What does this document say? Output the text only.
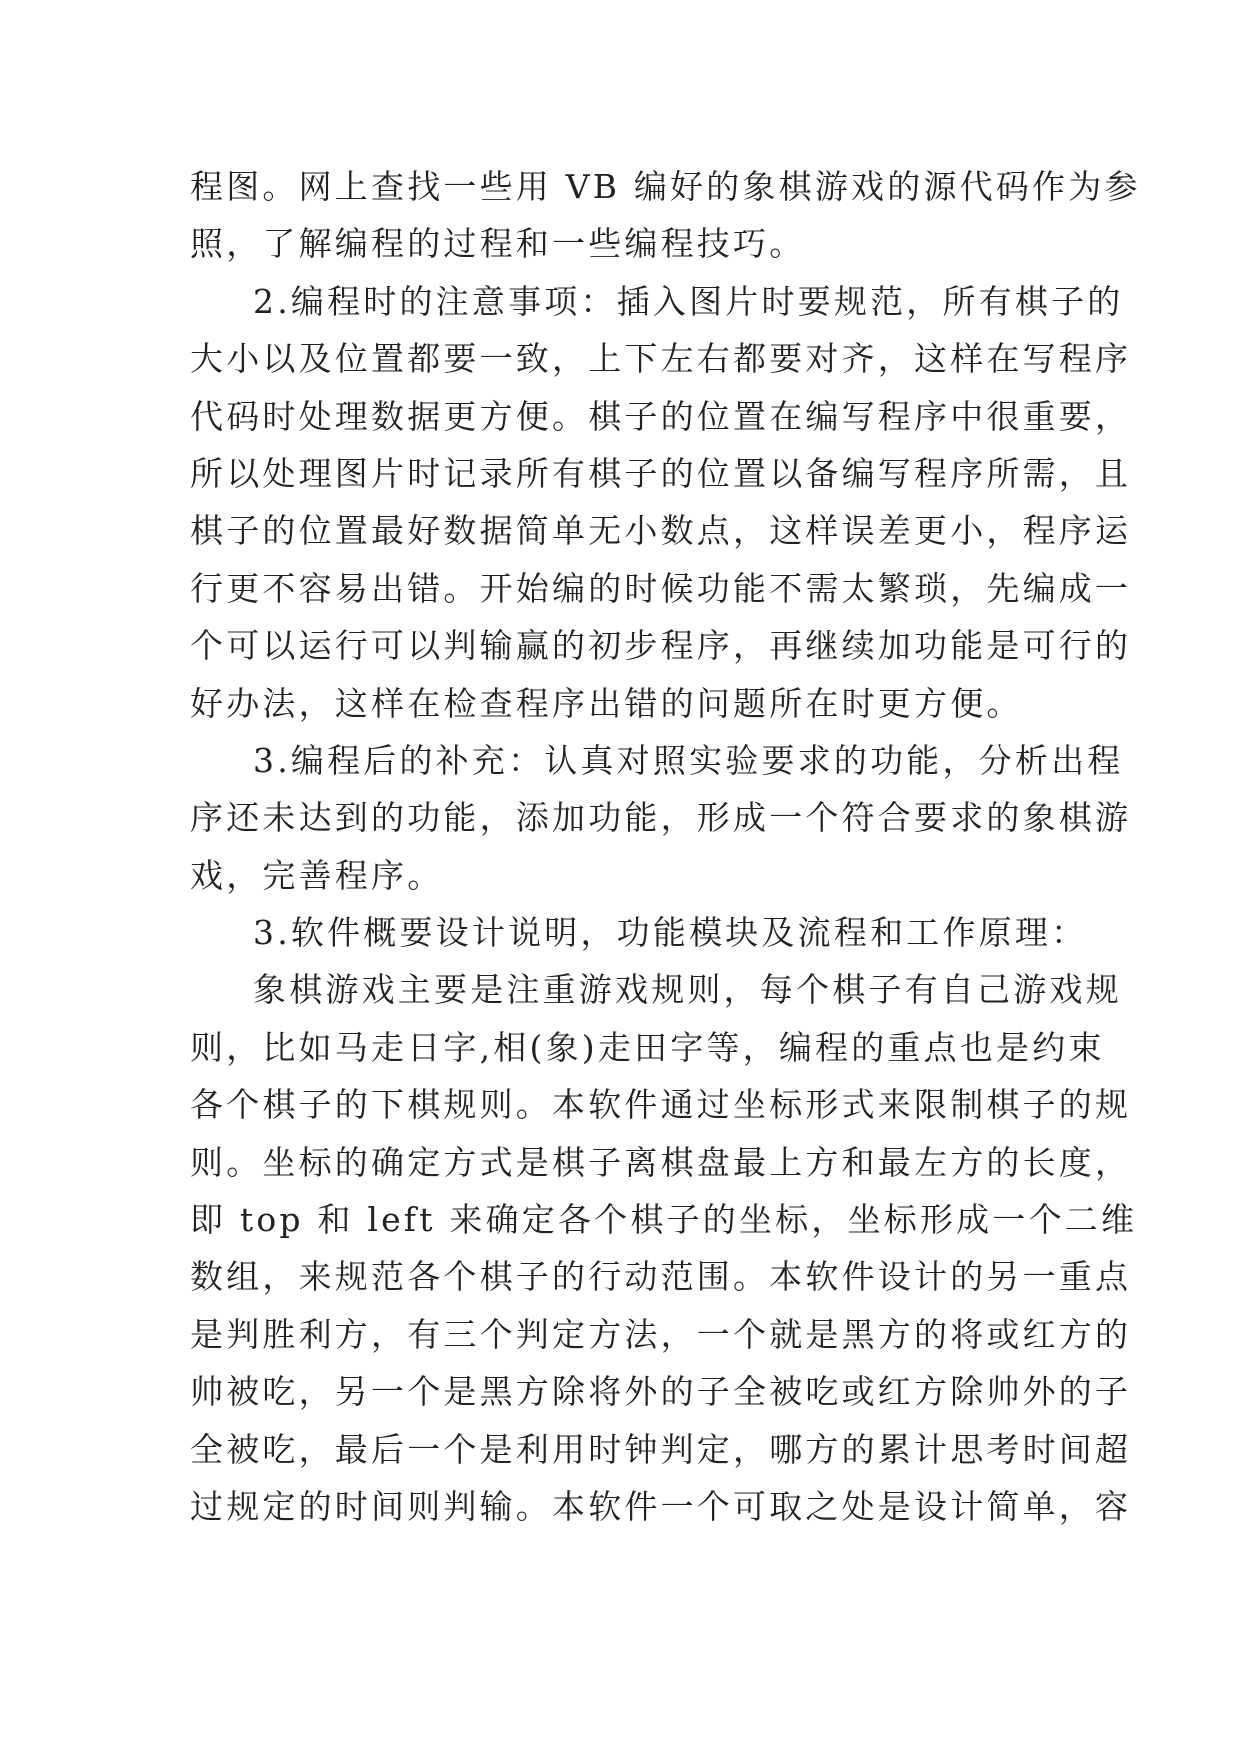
程图。网上查找一些用 VB 编好的象棋游戏的源代码作为参
照，了解编程的过程和一些编程技巧。
2.编程时的注意事项：插入图片时要规范，所有棋子的
大小以及位置都要一致，上下左右都要对齐，这样在写程序
代码时处理数据更方便。棋子的位置在编写程序中很重要，
所以处理图片时记录所有棋子的位置以备编写程序所需，且
棋子的位置最好数据简单无小数点，这样误差更小，程序运
行更不容易出错。开始编的时候功能不需太繁琐，先编成一
个可以运行可以判输赢的初步程序，再继续加功能是可行的
好办法，这样在检查程序出错的问题所在时更方便。
3.编程后的补充：认真对照实验要求的功能，分析出程
序还未达到的功能，添加功能，形成一个符合要求的象棋游
戏，完善程序。
3.软件概要设计说明，功能模块及流程和工作原理：
象棋游戏主要是注重游戏规则，每个棋子有自己游戏规
则，比如马走日字,相(象)走田字等，编程的重点也是约束
各个棋子的下棋规则。本软件通过坐标形式来限制棋子的规
则。坐标的确定方式是棋子离棋盘最上方和最左方的长度，
即 top 和 left 来确定各个棋子的坐标，坐标形成一个二维
数组，来规范各个棋子的行动范围。本软件设计的另一重点
是判胜利方，有三个判定方法，一个就是黑方的将或红方的
帅被吃，另一个是黑方除将外的子全被吃或红方除帅外的子
全被吃，最后一个是利用时钟判定，哪方的累计思考时间超
过规定的时间则判输。本软件一个可取之处是设计简单，容
